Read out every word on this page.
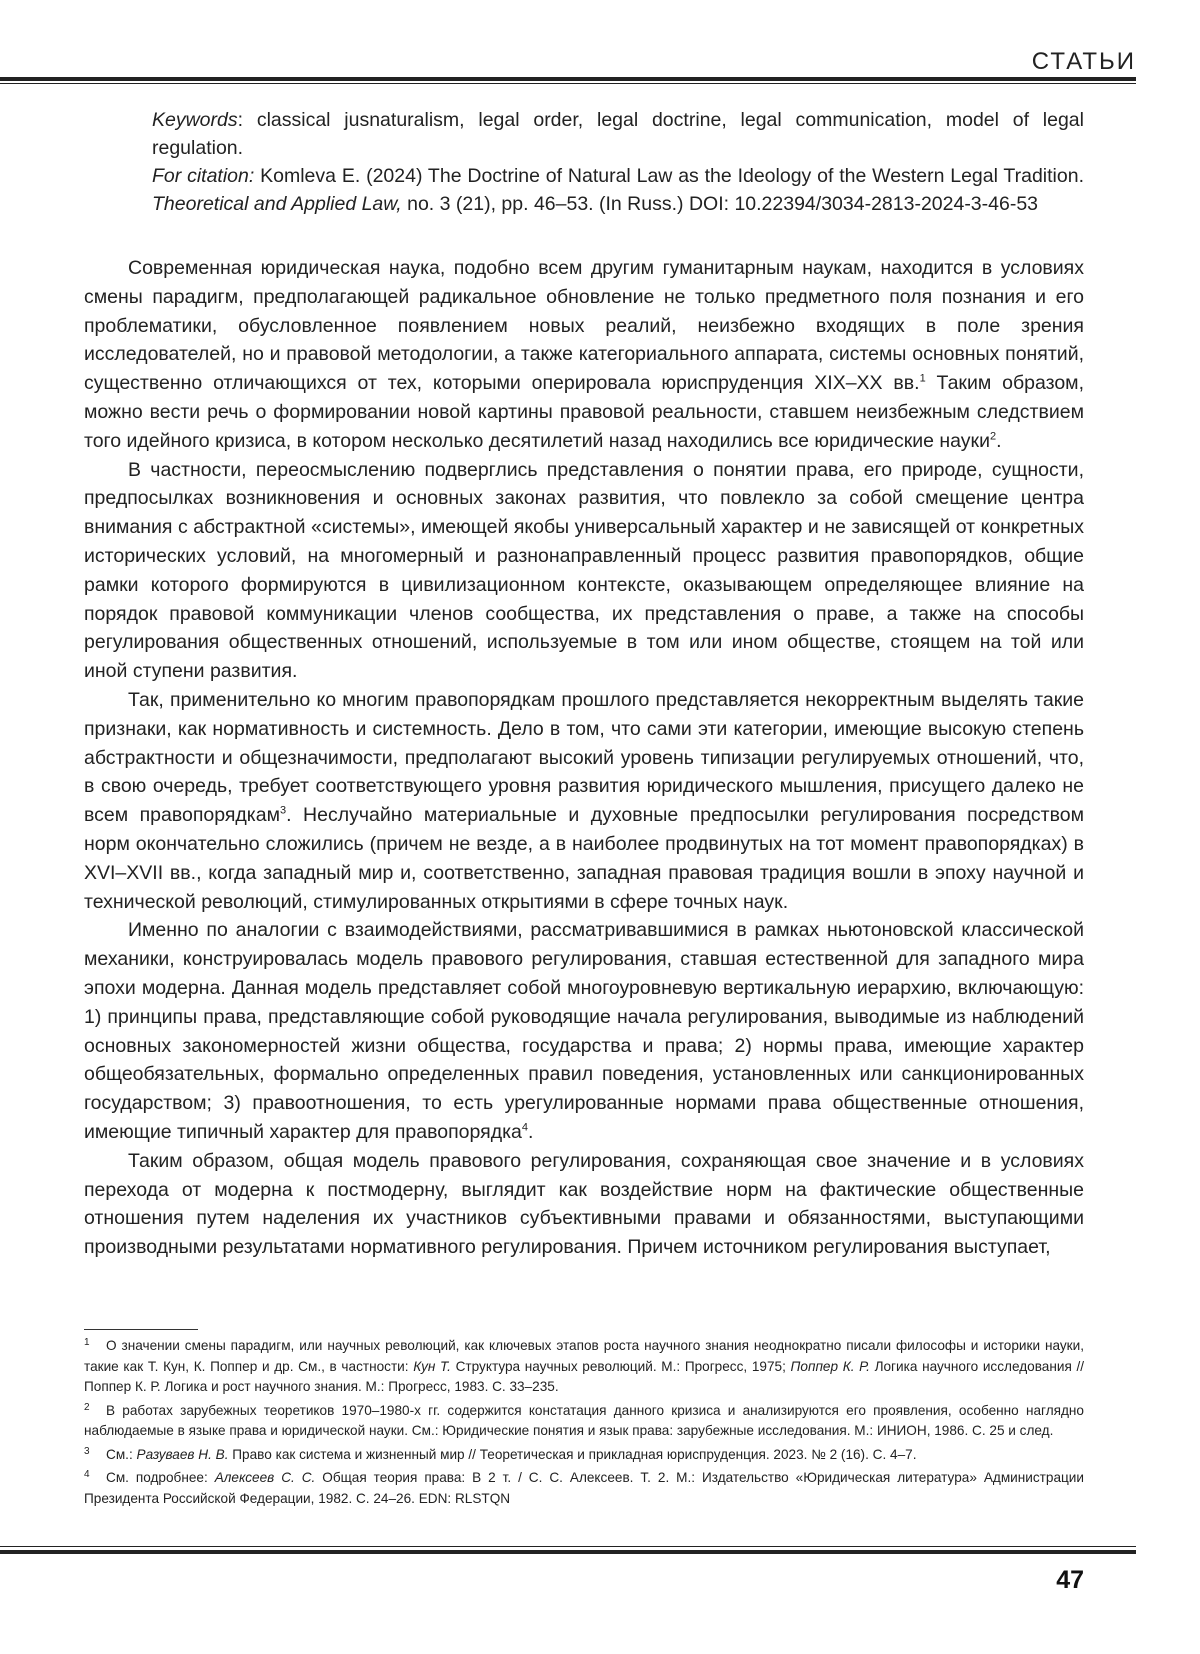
СТАТЬИ

Keywords: classical jusnaturalism, legal order, legal doctrine, legal communication, model of legal regulation.

For citation: Komleva E. (2024) The Doctrine of Natural Law as the Ideology of the Western Legal Tradition. Theoretical and Applied Law, no. 3 (21), pp. 46–53. (In Russ.) DOI: 10.22394/3034-2813-2024-3-46-53

Современная юридическая наука, подобно всем другим гуманитарным наукам, находится в условиях смены парадигм, предполагающей радикальное обновление не только предметного поля познания и его проблематики, обусловленное появлением новых реалий, неизбежно входящих в поле зрения исследователей, но и правовой методологии, а также категориального аппарата, системы основных понятий, существенно отличающихся от тех, которыми оперировала юриспруденция XIX–XX вв.$^1$ Таким образом, можно вести речь о формировании новой картины правовой реальности, ставшем неизбежным следствием того идейного кризиса, в котором несколько десятилетий назад находились все юридические науки$^2$.

В частности, переосмыслению подверглись представления о понятии права, его природе, сущности, предпосылках возникновения и основных законах развития, что повлекло за собой смещение центра внимания с абстрактной «системы», имеющей якобы универсальный характер и не зависящей от конкретных исторических условий, на многомерный и разнонаправленный процесс развития правопорядков, общие рамки которого формируются в цивилизационном контексте, оказывающем определяющее влияние на порядок правовой коммуникации членов сообщества, их представления о праве, а также на способы регулирования общественных отношений, используемые в том или ином обществе, стоящем на той или иной ступени развития.

Так, применительно ко многим правопорядкам прошлого представляется некорректным выделять такие признаки, как нормативность и системность. Дело в том, что сами эти категории, имеющие высокую степень абстрактности и общезначимости, предполагают высокий уровень типизации регулируемых отношений, что, в свою очередь, требует соответствующего уровня развития юридического мышления, присущего далеко не всем правопорядкам$^3$. Неслучайно материальные и духовные предпосылки регулирования посредством норм окончательно сложились (причем не везде, а в наиболее продвинутых на тот момент правопорядках) в XVI–XVII вв., когда западный мир и, соответственно, западная правовая традиция вошли в эпоху научной и технической революций, стимулированных открытиями в сфере точных наук.

Именно по аналогии с взаимодействиями, рассматривавшимися в рамках ньютоновской классической механики, конструировалась модель правового регулирования, ставшая естественной для западного мира эпохи модерна. Данная модель представляет собой многоуровневую вертикальную иерархию, включающую: 1) принципы права, представляющие собой руководящие начала регулирования, выводимые из наблюдений основных закономерностей жизни общества, государства и права; 2) нормы права, имеющие характер общеобязательных, формально определенных правил поведения, установленных или санкционированных государством; 3) правоотношения, то есть урегулированные нормами права общественные отношения, имеющие типичный характер для правопорядка$^4$.

Таким образом, общая модель правового регулирования, сохраняющая свое значение и в условиях перехода от модерна к постмодерну, выглядит как воздействие норм на фактические общественные отношения путем наделения их участников субъективными правами и обязанностями, выступающими производными результатами нормативного регулирования. Причем источником регулирования выступает,

1 О значении смены парадигм, или научных революций, как ключевых этапов роста научного знания неоднократно писали философы и историки науки, такие как Т. Кун, К. Поппер и др. См., в частности: Кун Т. Структура научных революций. М.: Прогресс, 1975; Поппер К. Р. Логика научного исследования // Поппер К. Р. Логика и рост научного знания. М.: Прогресс, 1983. С. 33–235.

2 В работах зарубежных теоретиков 1970–1980-х гг. содержится констатация данного кризиса и анализируются его проявления, особенно наглядно наблюдаемые в языке права и юридической науки. См.: Юридические понятия и язык права: зарубежные исследования. М.: ИНИОН, 1986. С. 25 и след.

3 См.: Разуваев Н. В. Право как система и жизненный мир // Теоретическая и прикладная юриспруденция. 2023. № 2 (16). С. 4–7.

4 См. подробнее: Алексеев С. С. Общая теория права: В 2 т. / С. С. Алексеев. Т. 2. М.: Издательство «Юридическая литература» Администрации Президента Российской Федерации, 1982. С. 24–26. EDN: RLSTQN

47
